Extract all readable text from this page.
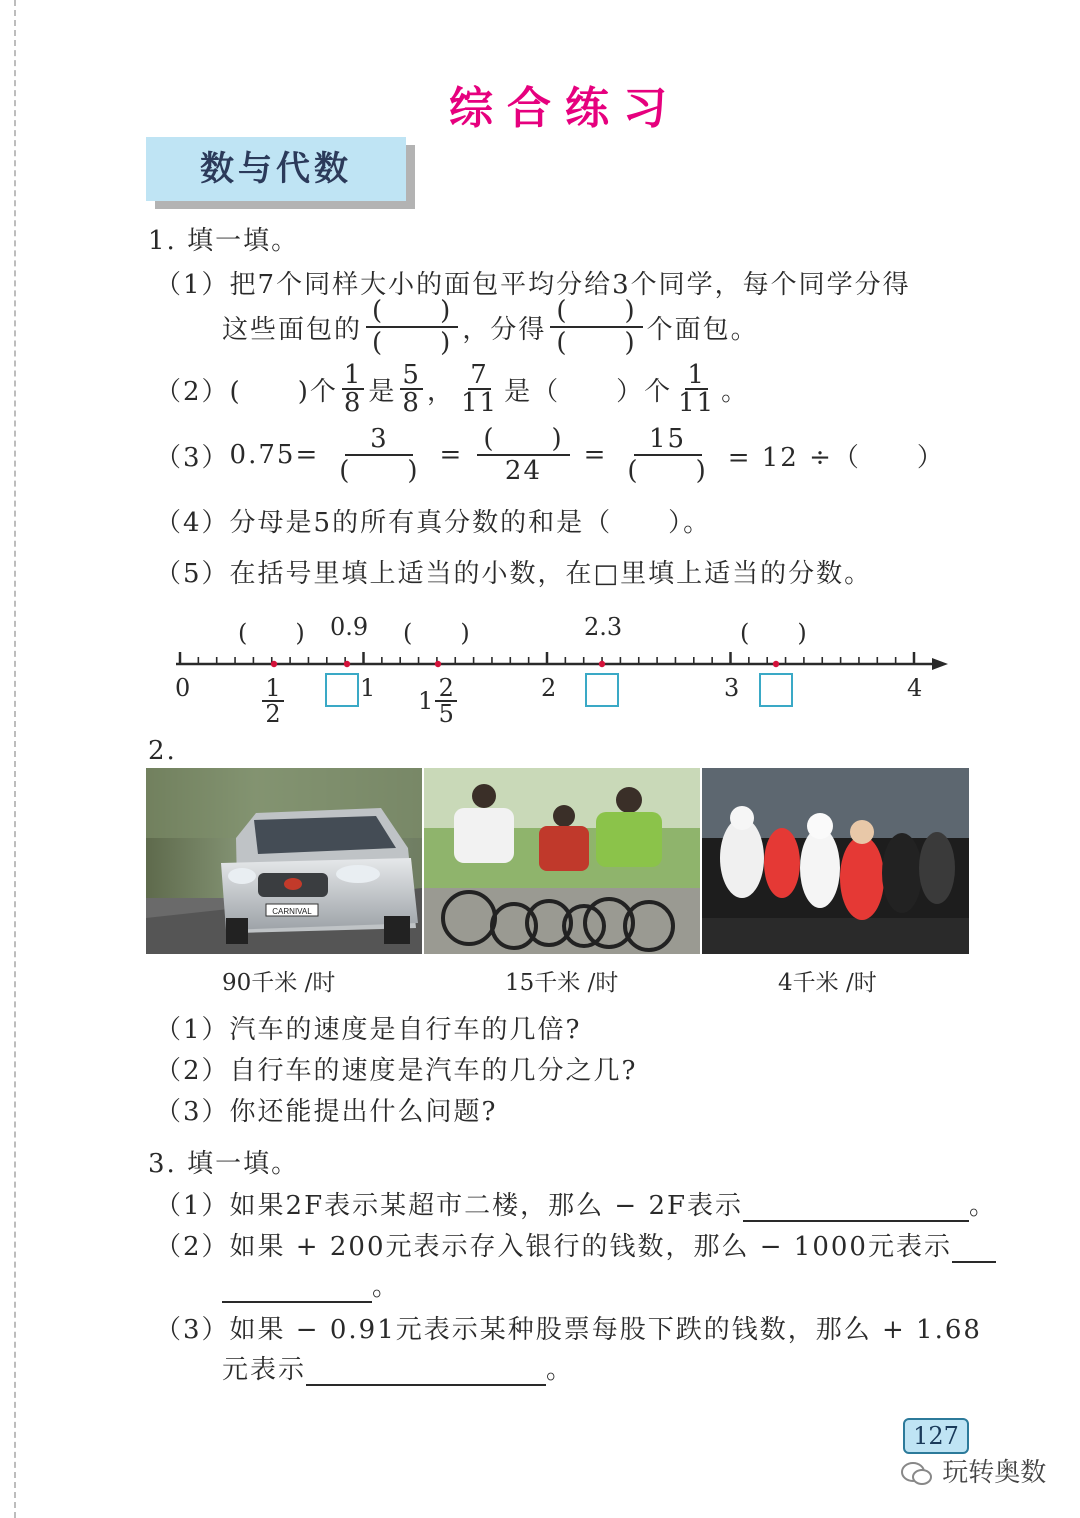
综合练习
数与代数
1. 填一填。
（1）把7个同样大小的面包平均分给3个同学，每个同学分得
这些面包的 $\frac{( )}{( )}$ ，分得 $\frac{( )}{( )}$ 个面包。
（2） (　　)个 $\frac{1}{8}$ 是 $\frac{5}{8}$ ， $\frac{7}{11}$ 是（　　）个 $\frac{1}{11}$ 。
（3） $0.75= \frac{3}{( )} = \frac{( )}{24} = \frac{15}{( )} = 12$ ÷（　　）
（4）分母是5的所有真分数的和是（　　）。
（5）在括号里填上适当的小数，在□里填上适当的分数。
(　　) 0.9 (　　)	2.3	(　　)
0	1	2	3	4
$\frac{1}{2}$	$1 \frac{2}{5}$
2.
CARNIVAL
90千米 /时	15千米 /时	4千米 /时
（1）汽车的速度是自行车的几倍?
（2）自行车的速度是汽车的几分之几?
（3）你还能提出什么问题?
3. 填一填。
（1）如果2F表示某超市二楼，那么 − 2F表示	。
（2）如果 + 200元表示存入银行的钱数，那么 − 1000元表示
。
（3）如果 − 0.91元表示某种股票每股下跌的钱数，那么 + 1.68
元表示	。
127
玩转奥数
